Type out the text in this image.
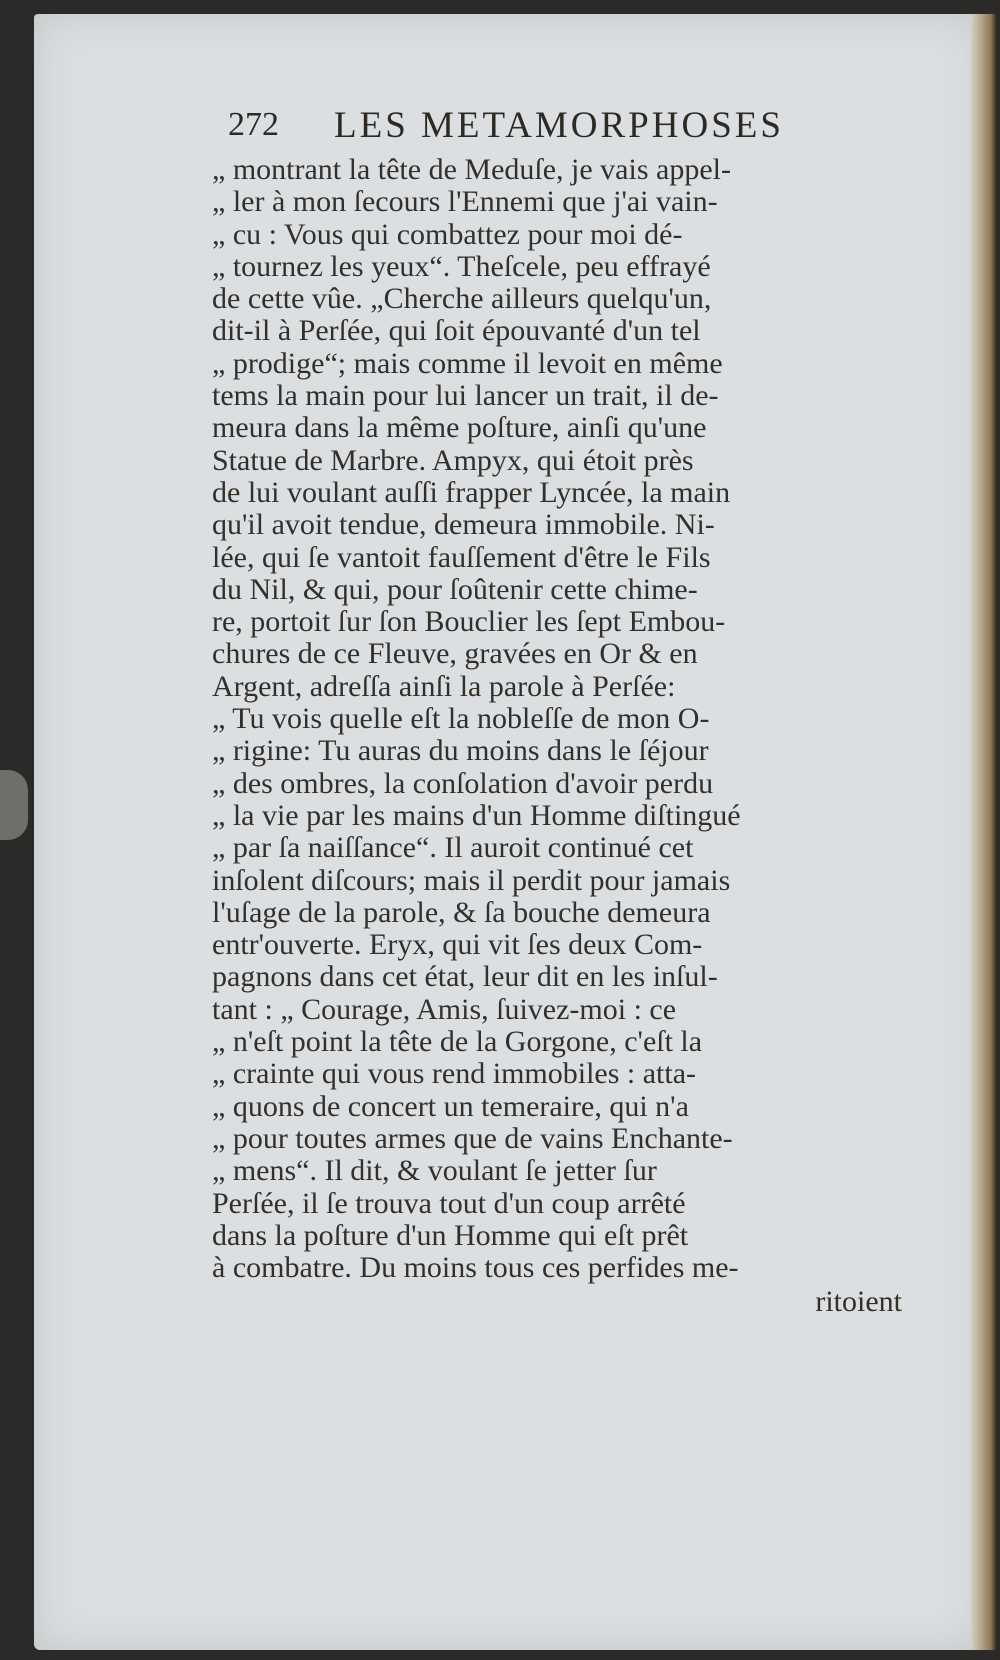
272 LES METAMORPHOSES
„ montrant la tête de Meduſe, je vais appel-
„ ler à mon ſecours l'Ennemi que j'ai vain-
„ cu : Vous qui combattez pour moi dé-
„ tournez les yeux“. Theſcele, peu effrayé
de cette vûe. „Cherche ailleurs quelqu'un,
dit-il à Perſée, qui ſoit épouvanté d'un tel
„ prodige“; mais comme il levoit en même
tems la main pour lui lancer un trait, il de-
meura dans la même poſture, ainſi qu'une
Statue de Marbre. Ampyx, qui étoit près
de lui voulant auſſi frapper Lyncée, la main
qu'il avoit tendue, demeura immobile. Ni-
lée, qui ſe vantoit fauſſement d'être le Fils
du Nil, & qui, pour ſoûtenir cette chime-
re, portoit ſur ſon Bouclier les ſept Embou-
chures de ce Fleuve, gravées en Or & en
Argent, adreſſa ainſi la parole à Perſée:
„ Tu vois quelle eſt la nobleſſe de mon O-
„ rigine: Tu auras du moins dans le ſéjour
„ des ombres, la conſolation d'avoir perdu
„ la vie par les mains d'un Homme diſtingué
„ par ſa naiſſance“. Il auroit continué cet
inſolent diſcours; mais il perdit pour jamais
l'uſage de la parole, & ſa bouche demeura
entr'ouverte. Eryx, qui vit ſes deux Com-
pagnons dans cet état, leur dit en les inſul-
tant : „ Courage, Amis, ſuivez-moi : ce
„ n'eſt point la tête de la Gorgone, c'eſt la
„ crainte qui vous rend immobiles : atta-
„ quons de concert un temeraire, qui n'a
„ pour toutes armes que de vains Enchante-
„ mens“. Il dit, & voulant ſe jetter ſur
Perſée, il ſe trouva tout d'un coup arrêté
dans la poſture d'un Homme qui eſt prêt
à combatre. Du moins tous ces perfides me-
ritoient
